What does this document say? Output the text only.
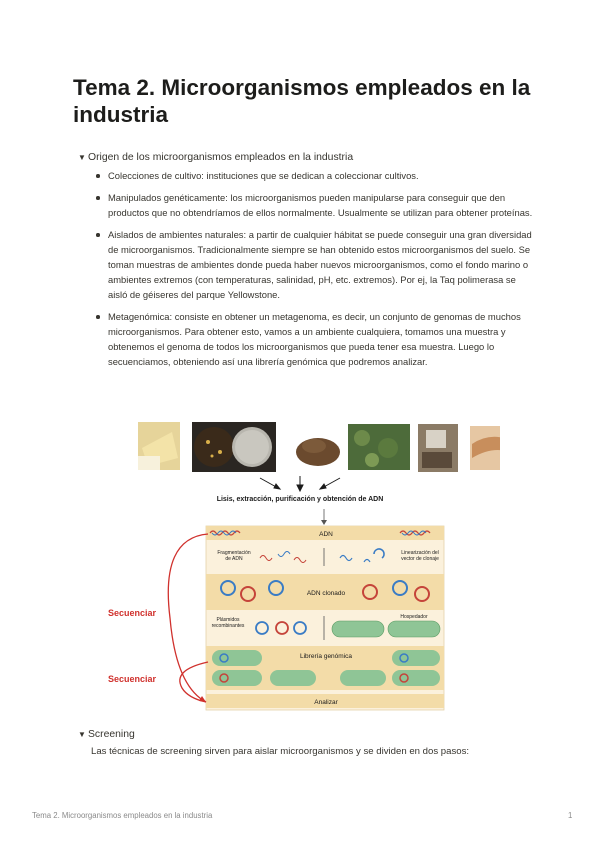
Tema 2. Microorganismos empleados en la industria
▼ Origen de los microorganismos empleados en la industria
Colecciones de cultivo: instituciones que se dedican a coleccionar cultivos.
Manipulados genéticamente: los microorganismos pueden manipularse para conseguir que den productos que no obtendríamos de ellos normalmente. Usualmente se utilizan para obtener proteínas.
Aislados de ambientes naturales: a partir de cualquier hábitat se puede conseguir una gran diversidad de microorganismos. Tradicionalmente siempre se han obtenido estos microorganismos del suelo. Se toman muestras de ambientes donde pueda haber nuevos microorganismos, como el fondo marino o ambientes extremos (con temperaturas, salinidad, pH, etc. extremos). Por ej, la Taq polimerasa se aisló de géiseres del parque Yellowstone.
Metagenómica: consiste en obtener un metagenoma, es decir, un conjunto de genomas de muchos microorganismos. Para obtener esto, vamos a un ambiente cualquiera, tomamos una muestra y obtenemos el genoma de todos los microorganismos que pueda tener esa muestra. Luego lo secuenciamos, obteniendo así una librería genómica que podremos analizar.
Lisis, extracción, purificación y obtención de ADN
ADN
Fragmentación de ADN
Linearización del vector de clonaje
ADN clonado
Plásmidos recombinantes
Hospedador
Librería genómica
Analizar
Secuenciar
Secuenciar
▼ Screening
Las técnicas de screening sirven para aislar microorganismos y se dividen en dos pasos:
Tema 2. Microorganismos empleados en la industria	1
